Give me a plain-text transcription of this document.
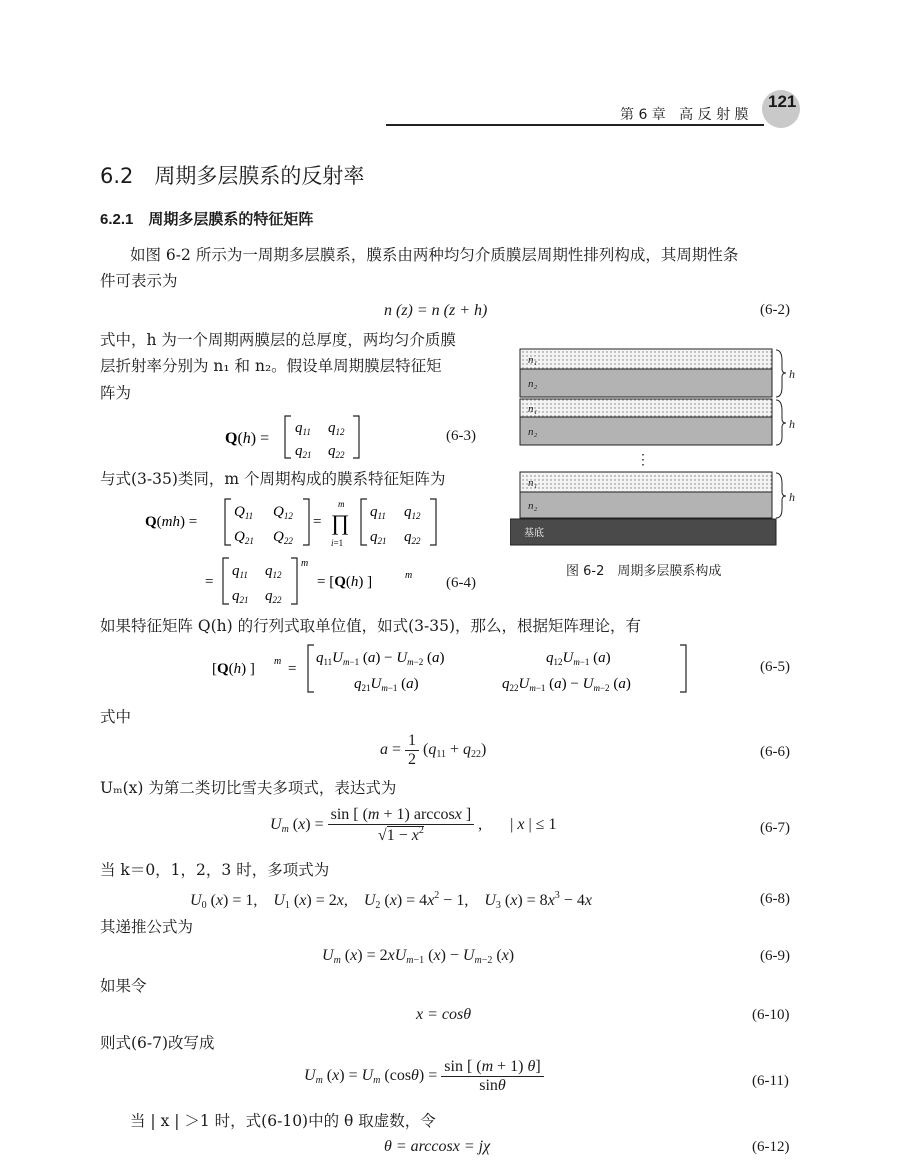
第 6 章 高 反 射 膜
121
6.2　周期多层膜系的反射率
6.2.1　周期多层膜系的特征矩阵
如图 6-2 所示为一周期多层膜系，膜系由两种均匀介质膜层周期性排列构成，其周期性条
件可表示为
n (z) = n (z + h)	(6-2)
式中，h 为一个周期两膜层的总厚度，两均匀介质膜
层折射率分别为 n₁ 和 n₂。假设单周期膜层特征矩
阵为
Q(h) =
$q_{11}$ $q_{12}$
$q_{21}$ $q_{22}$
(6-3)
与式(3-35)类同，m 个周期构成的膜系特征矩阵为
Q(mh) =
$Q_{11}$ $Q_{12}$
$Q_{21}$ $Q_{22}$
=
m
∏
i=1
$q_{11}$ $q_{12}$
$q_{21}$ $q_{22}$
=
$q_{11}$ $q_{12}$
$q_{21}$ $q_{22}$
m
= [Q(h) ]	m (6-4)
n₁
n₂
n₁
n₂
n₁
n₂
⋮
基底
h
h
h
图 6-2　周期多层膜系构成
如果特征矩阵 Q(h) 的行列式取单位值，如式(3-35)，那么，根据矩阵理论，有
[Q(h) ] m =
$q_{11}U_m-1$ $(a) - U_m-2$ (a)	$q_{12}U_m-1$ (a)
$q_{21}U_m-1$ (a)	$q_{22}U_m-1$ $(a) - U_m-2$ (a)
(6-5)
式中
$a = \frac{1}{2} (q_{11} + q_{22})$	(6-6)
Uₘ(x) 为第二类切比雪夫多项式，表达式为
$U_m$ $(x) = \frac{\sin [ (m + 1) \arccos x ]}{√1 - x^2}$ ,       | x | ≤ 1	(6-7)
当 k＝0，1，2，3 时，多项式为
$U_0$ (x) = 1,    $U_1$ (x) = 2x,    $U_2$ $(x) = 4x^2 - 1$,    $U_3$ $(x) = 8x^3 - 4x$	(6-8)
其递推公式为
$U_m$ $(x) = 2xU_{m-1}$ $(x) - U_{m-2}$ (x)	(6-9)
如果令
x = cosθ	(6-10)
则式(6-7)改写成
$U_m$ $(x) = U_m$ $(\cos\theta) = \frac{\sin [ (m + 1) \theta]}{\sin\theta}$	(6-11)
当 | x | ＞1 时，式(6-10)中的 θ 取虚数，令
θ = arccosx = jχ	(6-12)
